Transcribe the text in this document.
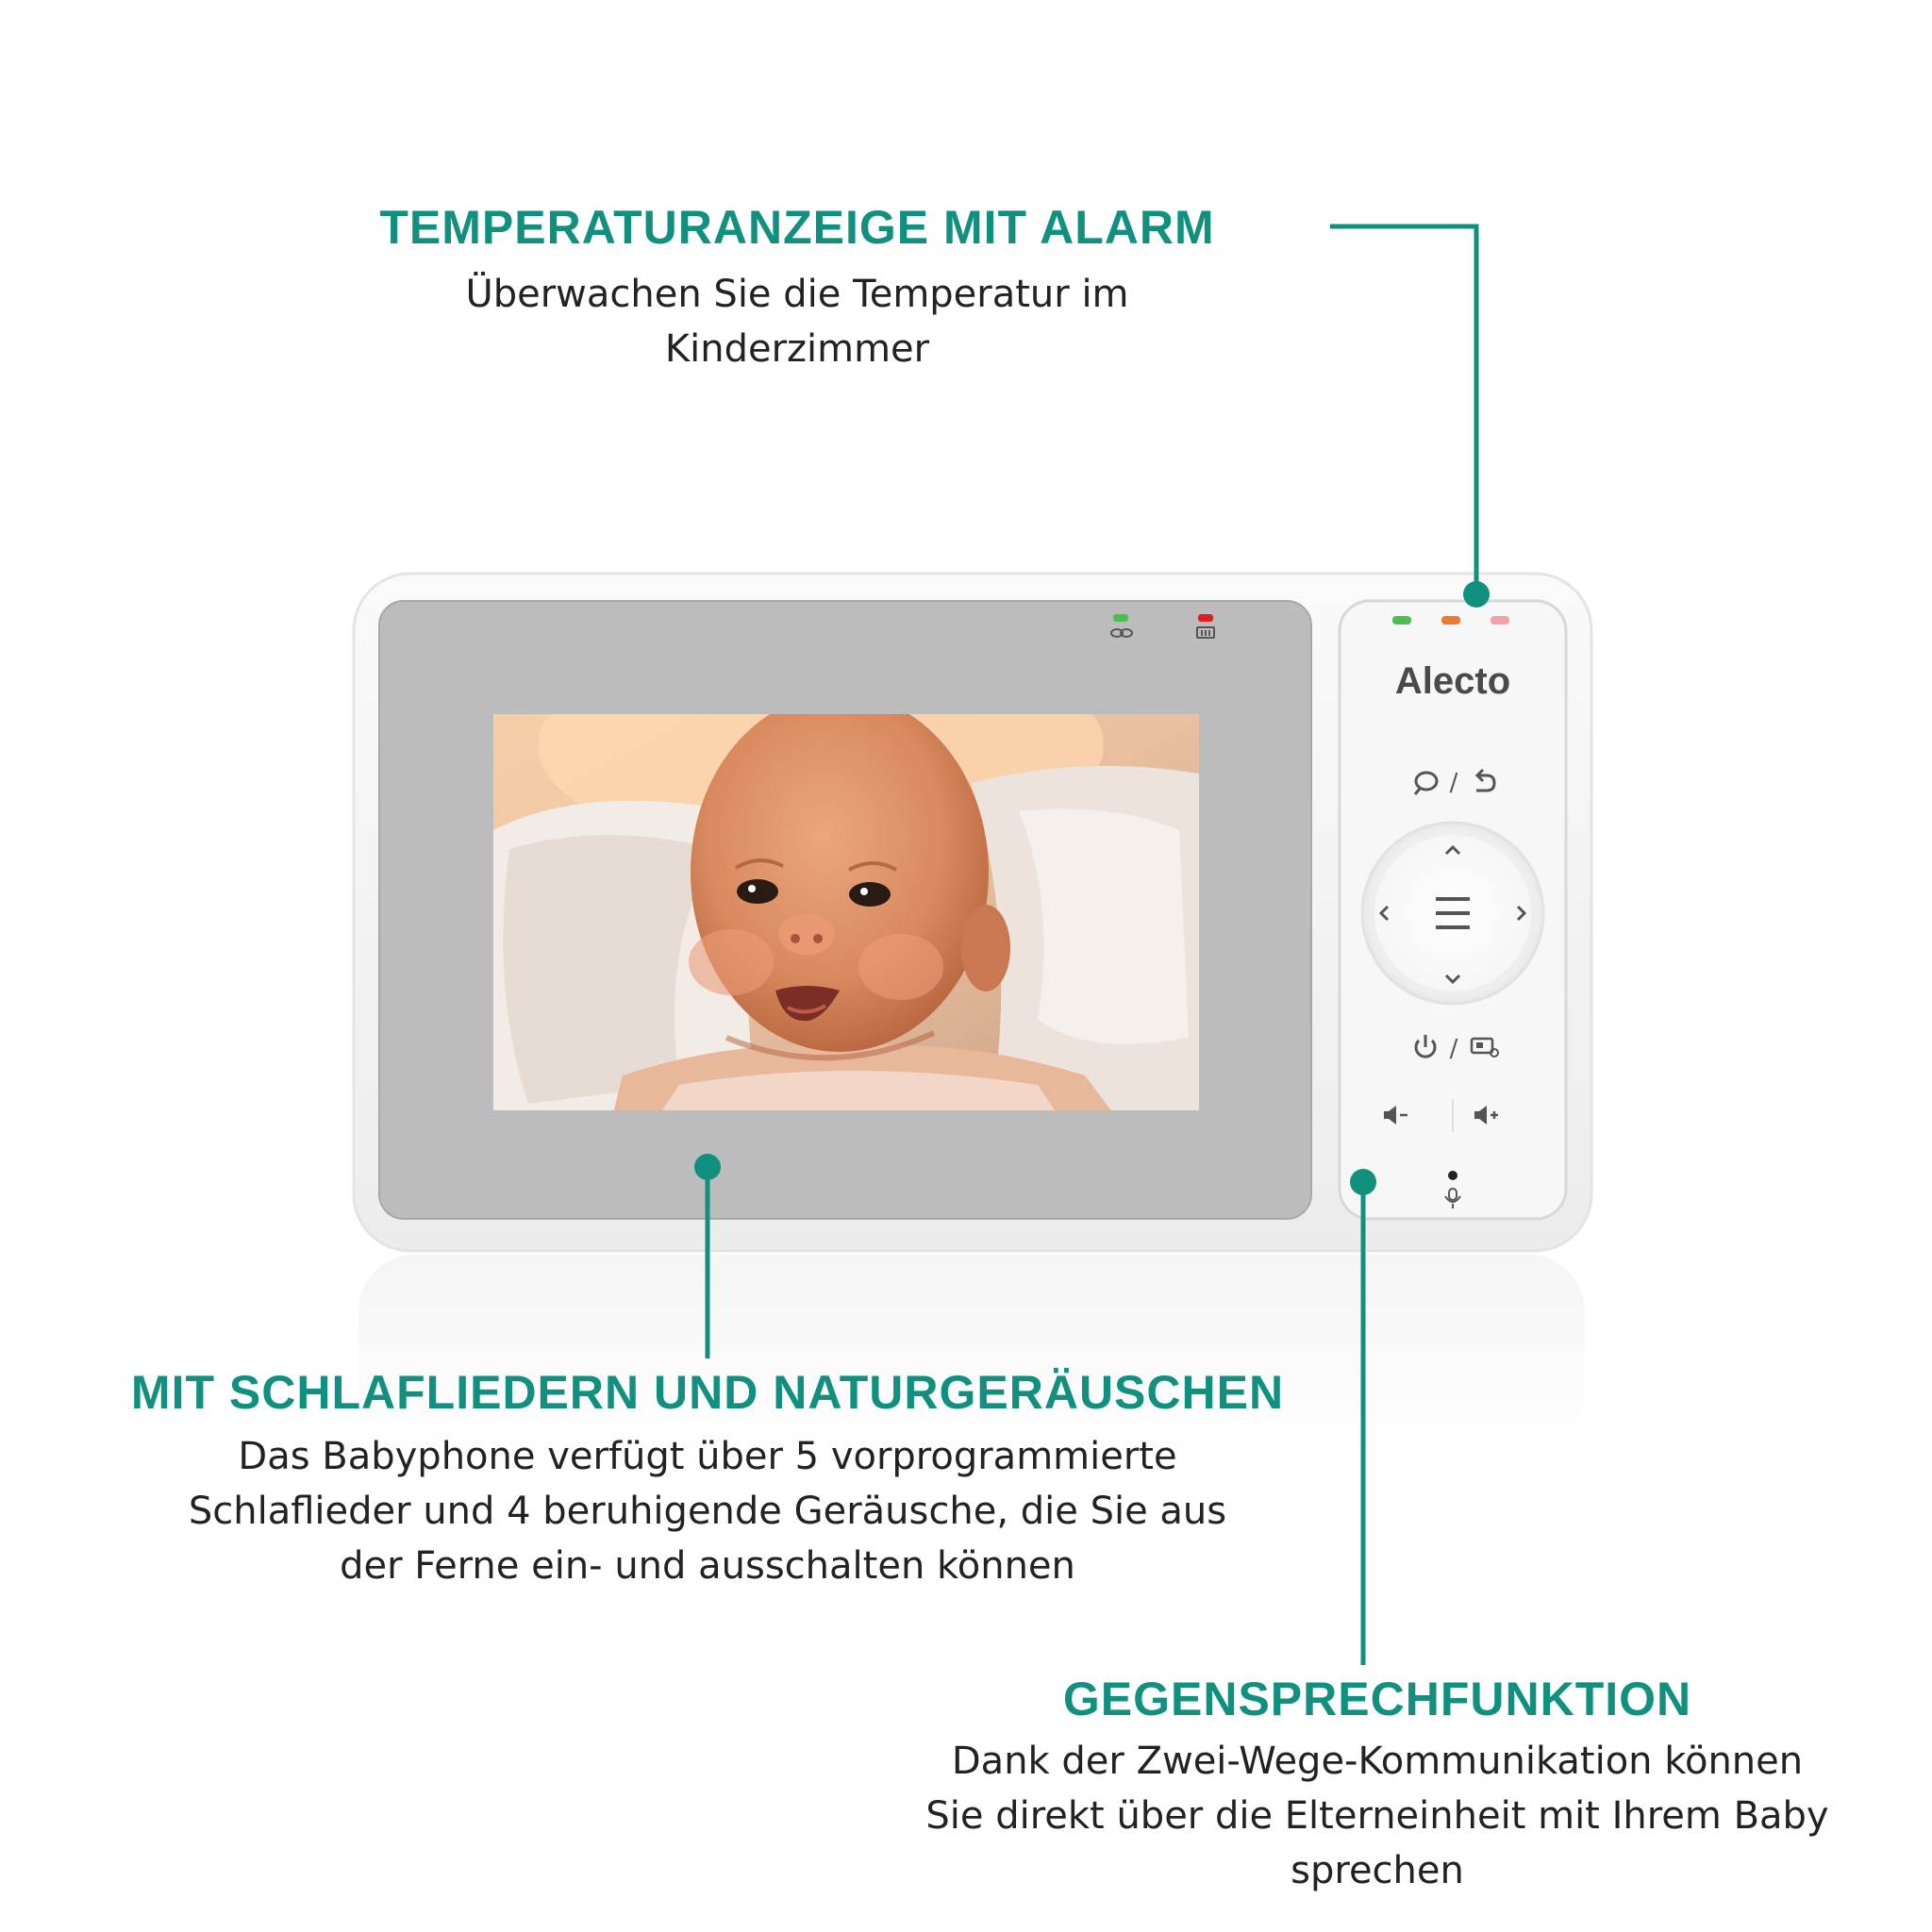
Alecto
/
/
TEMPERATURANZEIGE MIT ALARM
Überwachen Sie die Temperatur im
Kinderzimmer
MIT SCHLAFLIEDERN UND NATURGERÄUSCHEN
Das Babyphone verfügt über 5 vorprogrammierte
Schlaflieder und 4 beruhigende Geräusche, die Sie aus
der Ferne ein- und ausschalten können
GEGENSPRECHFUNKTION
Dank der Zwei-Wege-Kommunikation können
Sie direkt über die Elterneinheit mit Ihrem Baby
sprechen
